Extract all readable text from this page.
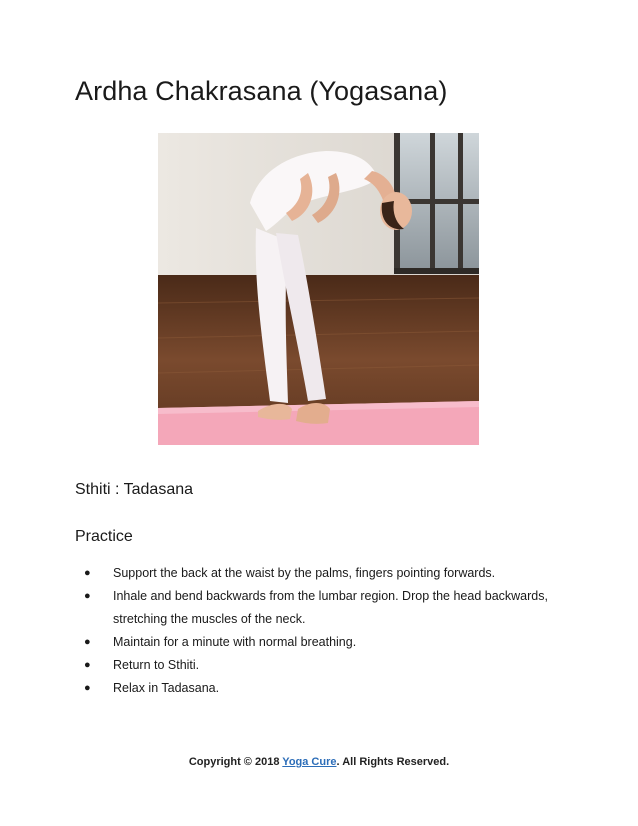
Ardha Chakrasana (Yogasana)
Sthiti : Tadasana
Practice
● Support the back at the waist by the palms, fingers pointing forwards.
● Inhale and bend backwards from the lumbar region. Drop the head backwards, stretching the muscles of the neck.
● Maintain for a minute with normal breathing.
● Return to Sthiti.
● Relax in Tadasana.
Copyright © 2018 Yoga Cure. All Rights Reserved.
